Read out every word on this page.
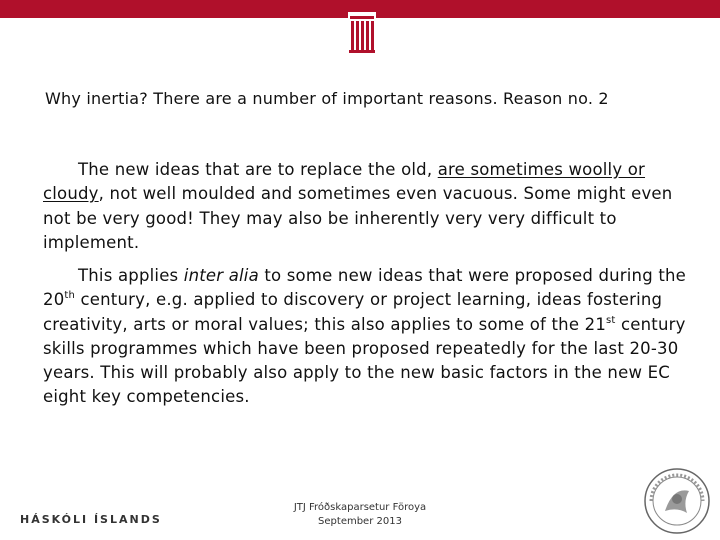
Why inertia? There are a number of important reasons. Reason no. 2
The new ideas that are to replace the old, are sometimes woolly or cloudy, not well moulded and sometimes even vacuous. Some might even not be very good! They may also be inherently very very difficult to implement.
This applies inter alia to some new ideas that were proposed during the 20th century, e.g. applied to discovery or project learning, ideas fostering creativity, arts or moral values; this also applies to some of the 21st century skills programmes which have been proposed repeatedly for the last 20-30 years. This will probably also apply to the new basic factors in the new EC eight key competencies.
HÁSKÓLI ÍSLANDS
JTJ Fróðskaparsetur Föroya
September 2013
